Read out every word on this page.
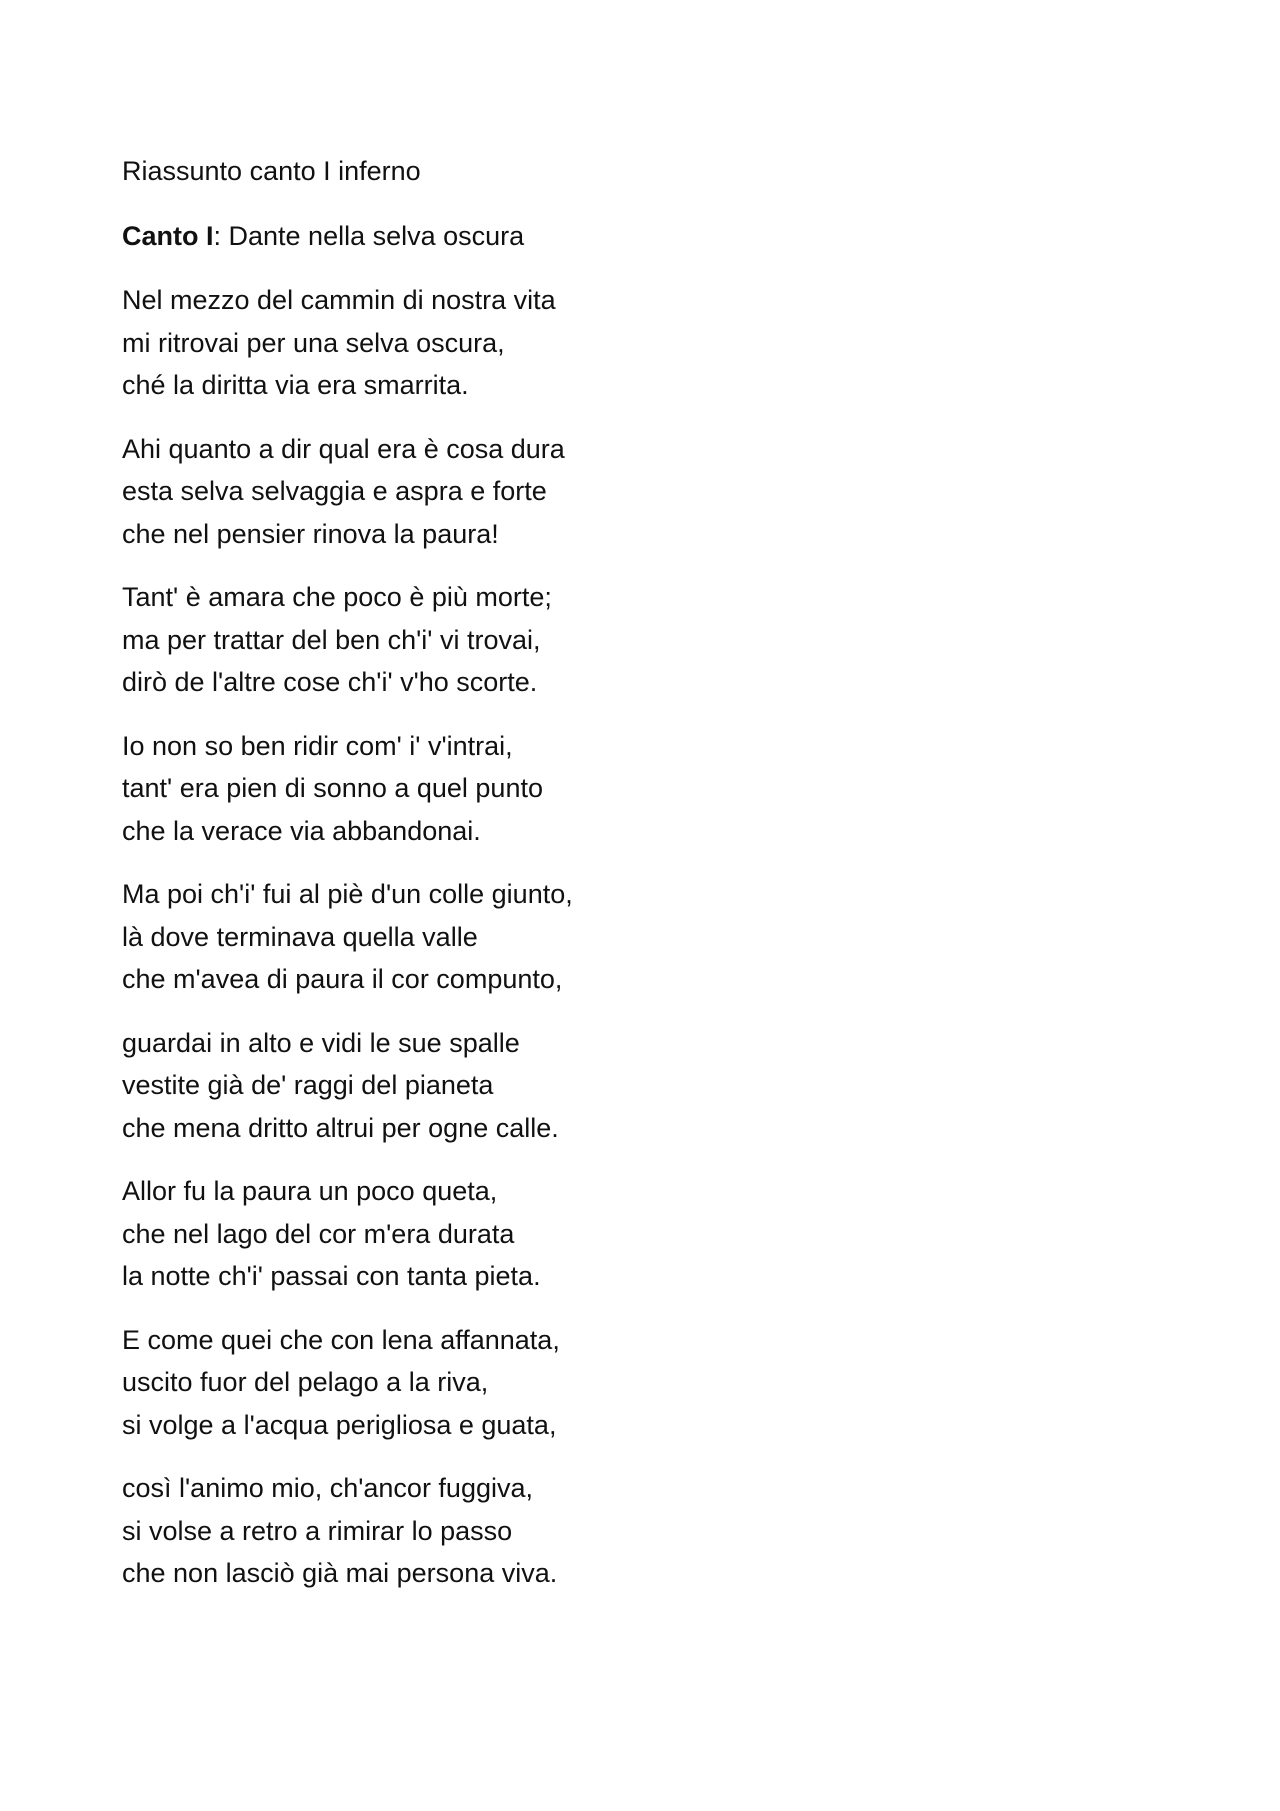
Riassunto canto I inferno

Canto I: Dante nella selva oscura

Nel mezzo del cammin di nostra vita
mi ritrovai per una selva oscura,
ché la diritta via era smarrita.

Ahi quanto a dir qual era è cosa dura
esta selva selvaggia e aspra e forte
che nel pensier rinova la paura!

Tant' è amara che poco è più morte;
ma per trattar del ben ch'i' vi trovai,
dirò de l'altre cose ch'i' v'ho scorte.

Io non so ben ridir com' i' v'intrai,
tant' era pien di sonno a quel punto
che la verace via abbandonai.

Ma poi ch'i' fui al piè d'un colle giunto,
là dove terminava quella valle
che m'avea di paura il cor compunto,

guardai in alto e vidi le sue spalle
vestite già de' raggi del pianeta
che mena dritto altrui per ogne calle.

Allor fu la paura un poco queta,
che nel lago del cor m'era durata
la notte ch'i' passai con tanta pieta.

E come quei che con lena affannata,
uscito fuor del pelago a la riva,
si volge a l'acqua perigliosa e guata,

così l'animo mio, ch'ancor fuggiva,
si volse a retro a rimirar lo passo
che non lasciò già mai persona viva.
